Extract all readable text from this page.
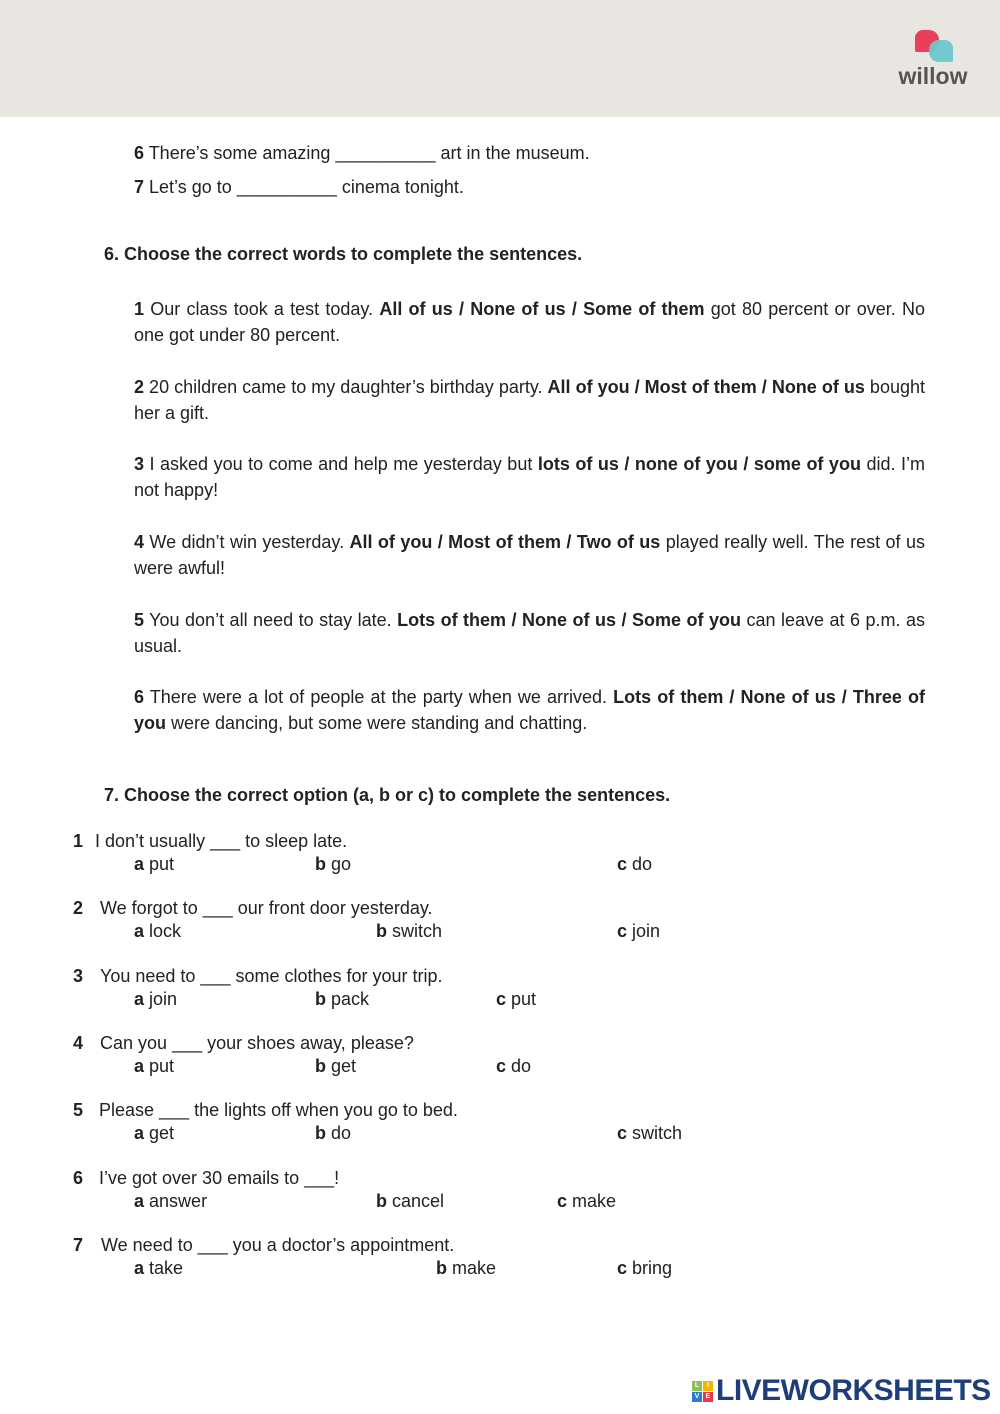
willow
6 There’s some amazing __________ art in the museum.
7 Let’s go to __________ cinema tonight.
6. Choose the correct words to complete the sentences.
1 Our class took a test today. All of us / None of us / Some of them got 80 percent or over. No one got under 80 percent.
2 20 children came to my daughter’s birthday party. All of you / Most of them / None of us bought her a gift.
3 I asked you to come and help me yesterday but lots of us / none of you / some of you did. I’m not happy!
4 We didn’t win yesterday. All of you / Most of them / Two of us played really well. The rest of us were awful!
5 You don’t all need to stay late. Lots of them / None of us / Some of you can leave at 6 p.m. as usual.
6 There were a lot of people at the party when we arrived. Lots of them / None of us / Three of you were dancing, but some were standing and chatting.
7. Choose the correct option (a, b or c) to complete the sentences.
1 I don’t usually ___ to sleep late.
a put	b go	c do
2 We forgot to ___ our front door yesterday.
a lock	b switch	c join
3 You need to ___ some clothes for your trip.
a join	b pack	c put
4 Can you ___ your shoes away, please?
a put	b get	c do
5 Please ___ the lights off when you go to bed.
a get	b do	c switch
6 I’ve got over 30 emails to ___!
a answer	b cancel	c make
7 We need to ___ you a doctor’s appointment.
a take	b make	c bring
L	I
V E LIVEWORKSHEETS
